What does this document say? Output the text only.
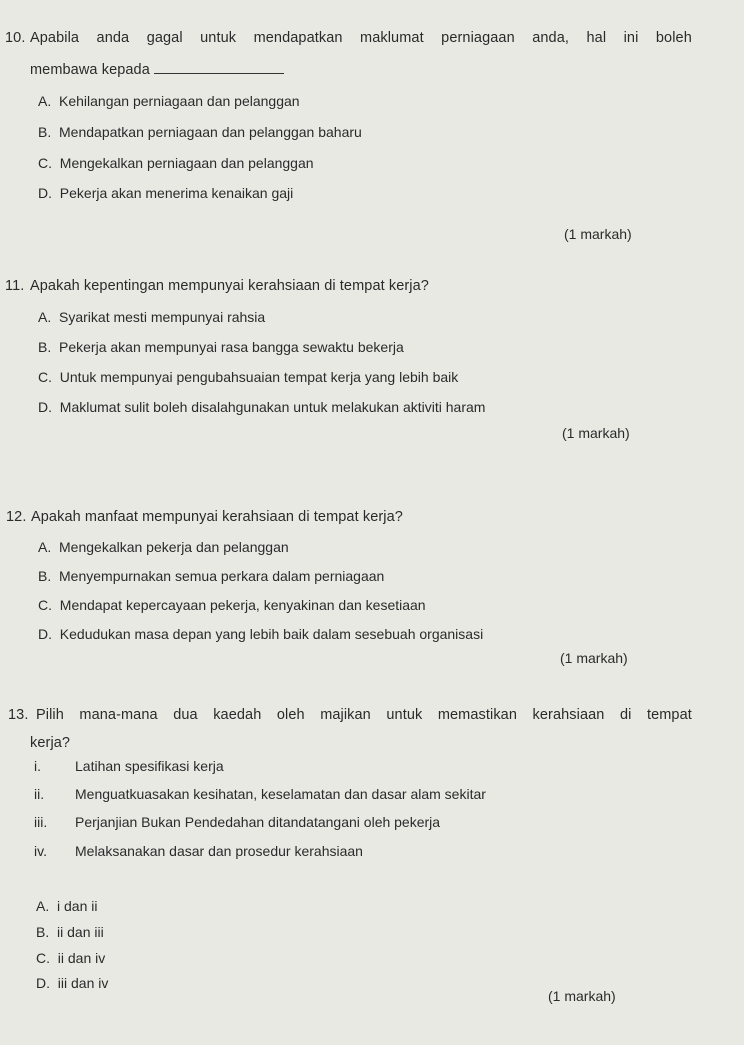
10. Apabila anda gagal untuk mendapatkan maklumat perniagaan anda, hal ini boleh
membawa kepada
A. Kehilangan perniagaan dan pelanggan
B. Mendapatkan perniagaan dan pelanggan baharu
C. Mengekalkan perniagaan dan pelanggan
D. Pekerja akan menerima kenaikan gaji
(1 markah)
11. Apakah kepentingan mempunyai kerahsiaan di tempat kerja?
A. Syarikat mesti mempunyai rahsia
B. Pekerja akan mempunyai rasa bangga sewaktu bekerja
C. Untuk mempunyai pengubahsuaian tempat kerja yang lebih baik
D. Maklumat sulit boleh disalahgunakan untuk melakukan aktiviti haram
(1 markah)
12. Apakah manfaat mempunyai kerahsiaan di tempat kerja?
A. Mengekalkan pekerja dan pelanggan
B. Menyempurnakan semua perkara dalam perniagaan
C. Mendapat kepercayaan pekerja, kenyakinan dan kesetiaan
D. Kedudukan masa depan yang lebih baik dalam sesebuah organisasi
(1 markah)
13. Pilih mana-mana dua kaedah oleh majikan untuk memastikan kerahsiaan di tempat
kerja?
i. Latihan spesifikasi kerja
ii. Menguatkuasakan kesihatan, keselamatan dan dasar alam sekitar
iii. Perjanjian Bukan Pendedahan ditandatangani oleh pekerja
iv. Melaksanakan dasar dan prosedur kerahsiaan
A. i dan ii
B. ii dan iii
C. ii dan iv
D. iii dan iv
(1 markah)
